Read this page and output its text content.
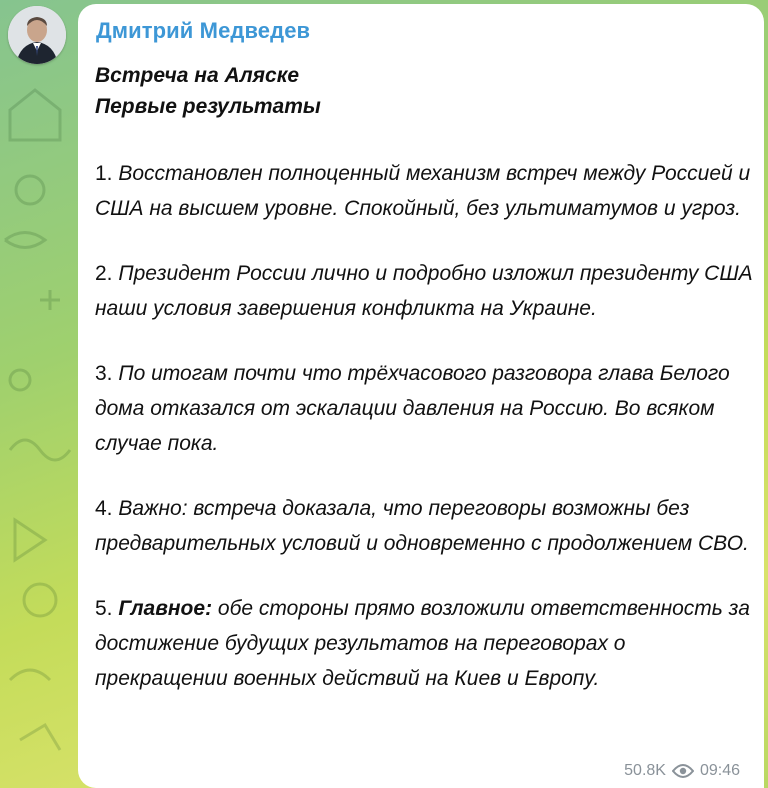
Дмитрий Медведев
Встреча на Аляске
Первые результаты
1. Восстановлен полноценный механизм встреч между Россией и США на высшем уровне. Спокойный, без ультиматумов и угроз.
2. Президент России лично и подробно изложил президенту США наши условия завершения конфликта на Украине.
3. По итогам почти что трёхчасового разговора глава Белого дома отказался от эскалации давления на Россию. Во всяком случае пока.
4. Важно: встреча доказала, что переговоры возможны без предварительных условий и одновременно с продолжением СВО.
5. Главное: обе стороны прямо возложили ответственность за достижение будущих результатов на переговорах о прекращении военных действий на Киев и Европу.
50.8K 09:46
